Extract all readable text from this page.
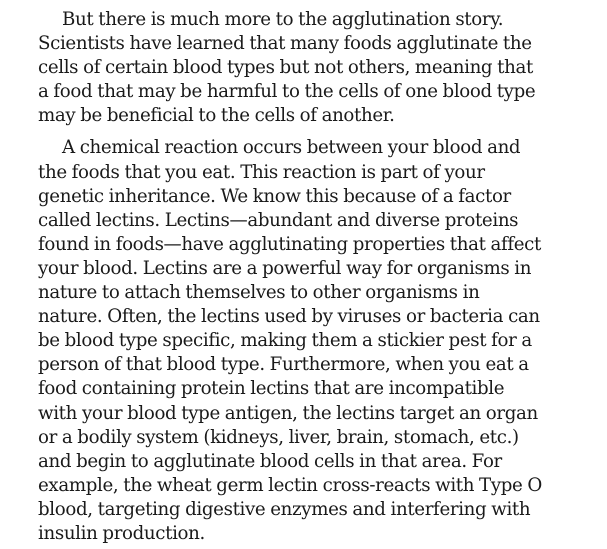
But there is much more to the agglutination story.
Scientists have learned that many foods agglutinate the
cells of certain blood types but not others, meaning that
a food that may be harmful to the cells of one blood type
may be beneficial to the cells of another.

A chemical reaction occurs between your blood and
the foods that you eat. This reaction is part of your
genetic inheritance. We know this because of a factor
called lectins. Lectins—abundant and diverse proteins
found in foods—have agglutinating properties that affect
your blood. Lectins are a powerful way for organisms in
nature to attach themselves to other organisms in
nature. Often, the lectins used by viruses or bacteria can
be blood type specific, making them a stickier pest for a
person of that blood type. Furthermore, when you eat a
food containing protein lectins that are incompatible
with your blood type antigen, the lectins target an organ
or a bodily system (kidneys, liver, brain, stomach, etc.)
and begin to agglutinate blood cells in that area. For
example, the wheat germ lectin cross-reacts with Type O
blood, targeting digestive enzymes and interfering with
insulin production.
